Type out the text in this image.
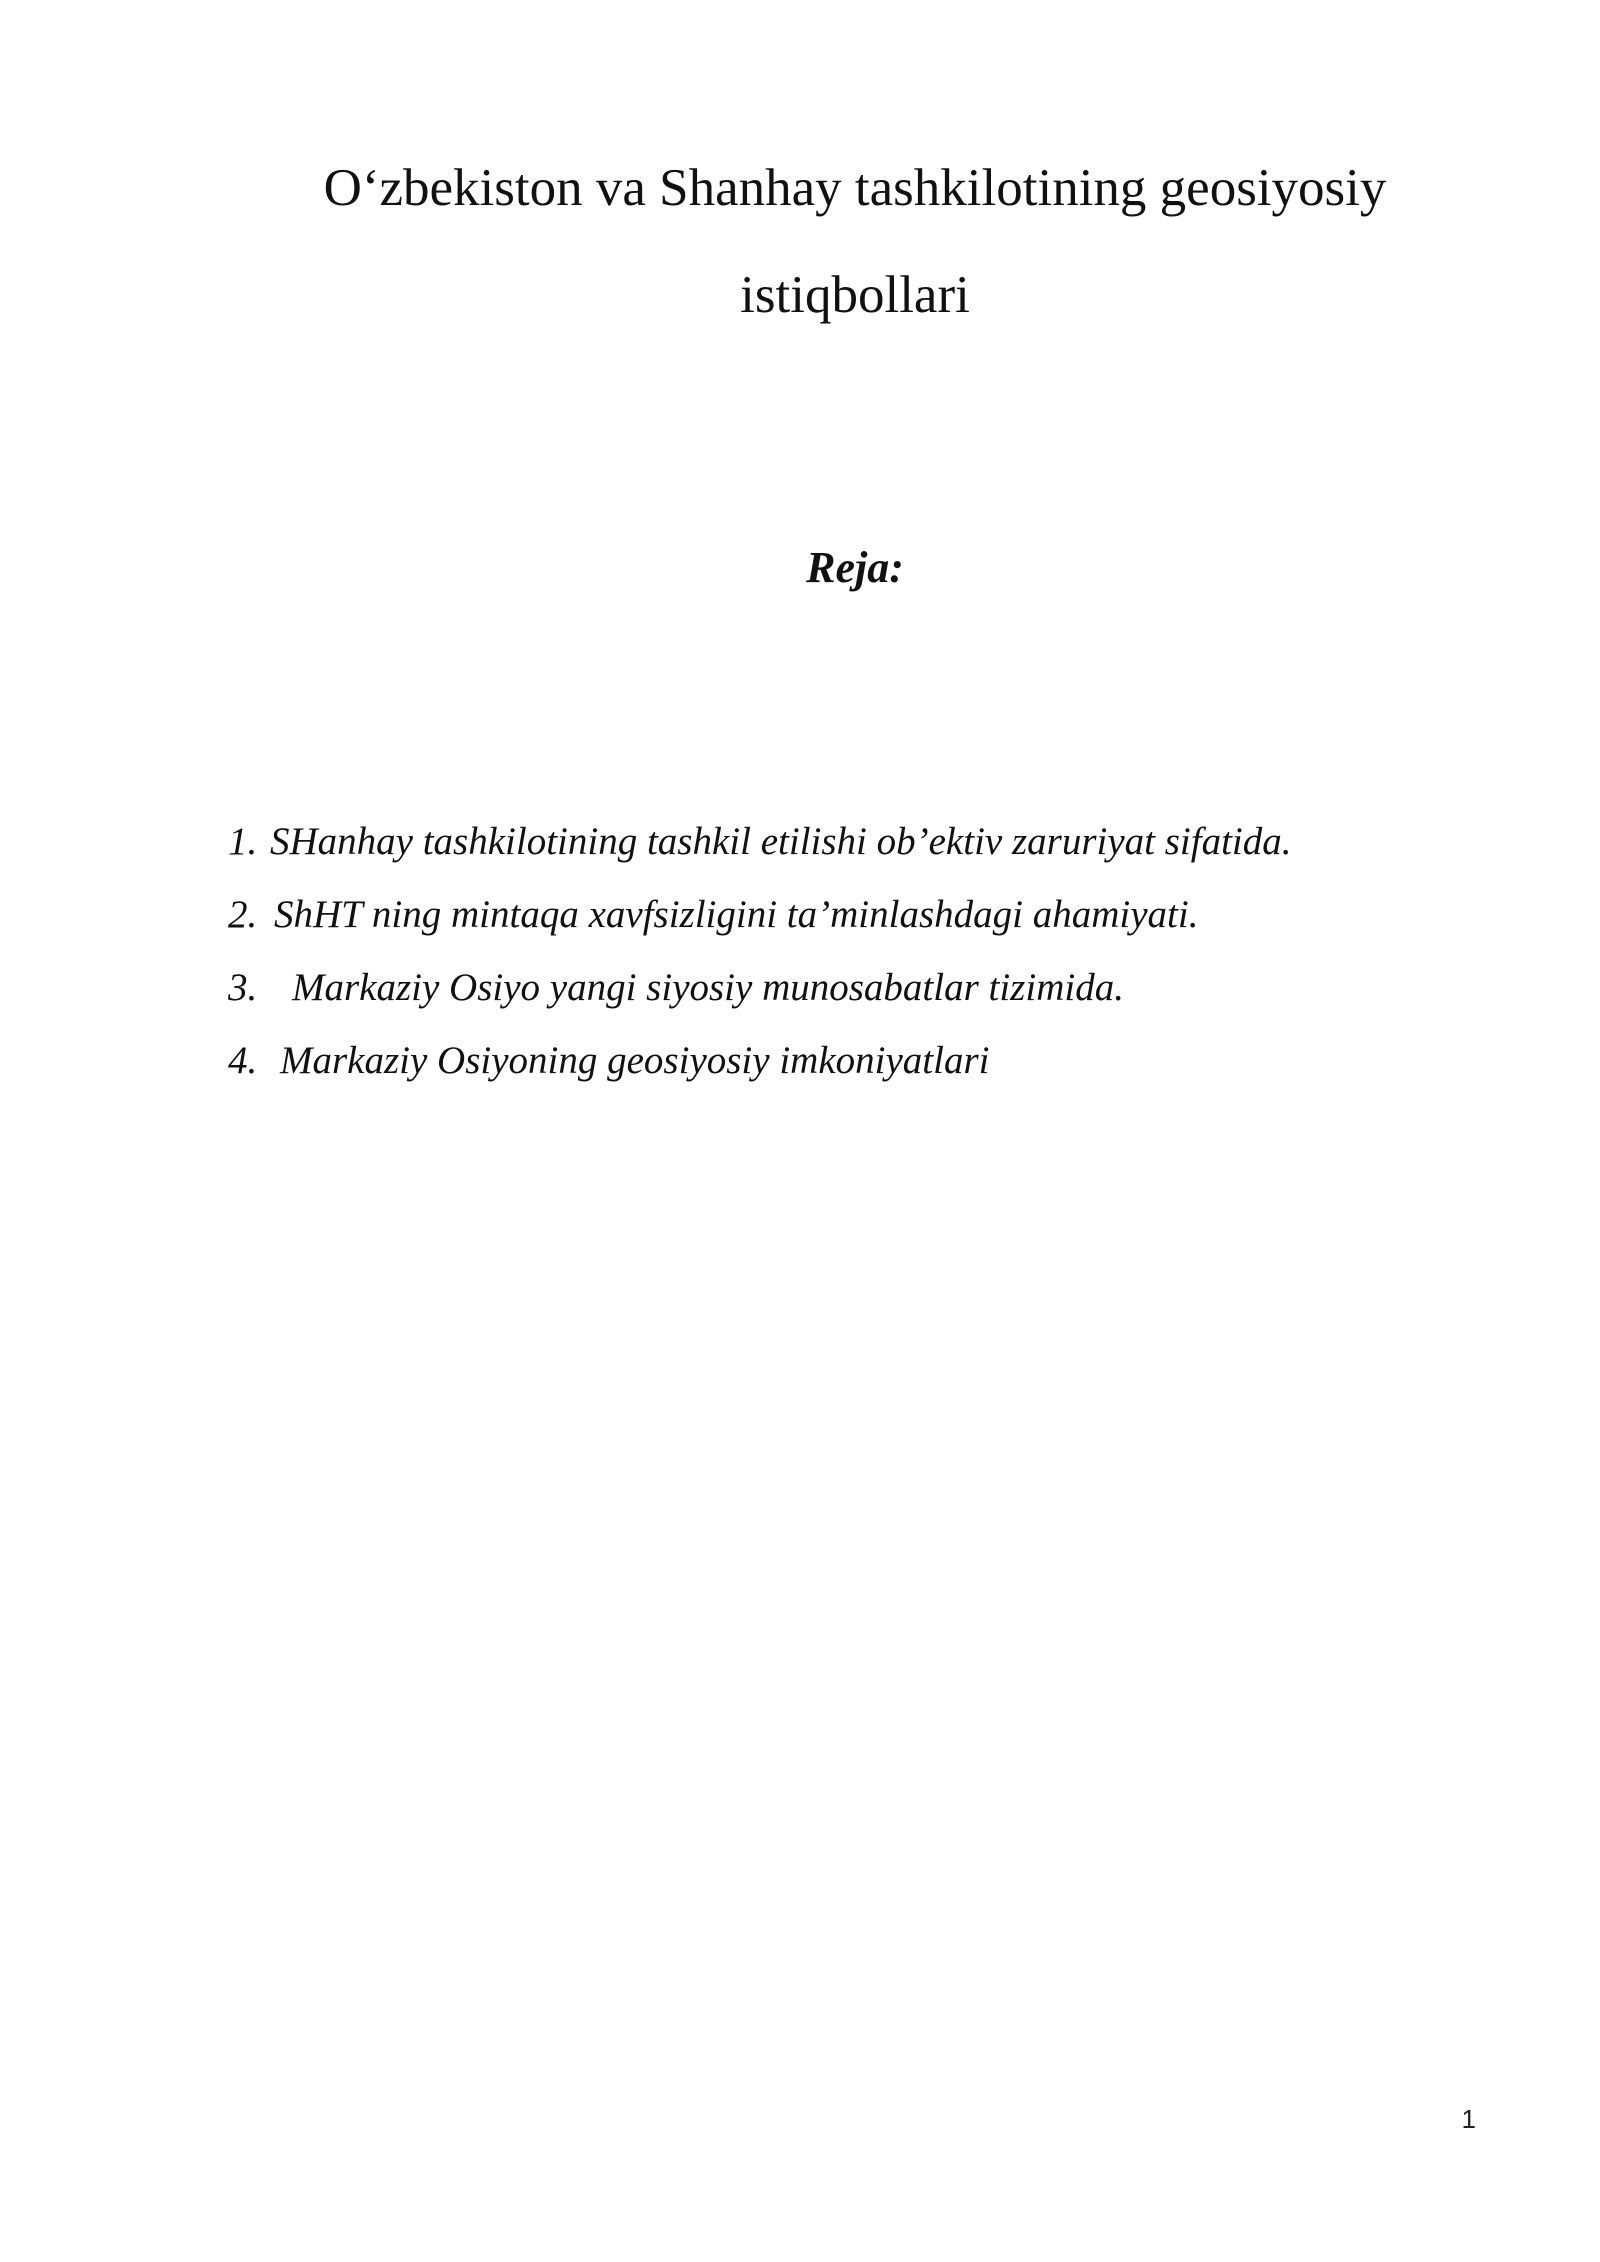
O‘zbekiston va Shanhay tashkilotining geosiyosiy
istiqbollari
Reja:
1. SHanhay tashkilotining tashkil etilishi ob’ektiv zaruriyat sifatida.
2. ShHT ning mintaqa xavfsizligini ta’minlashdagi ahamiyati.
3. Markaziy Osiyo yangi siyosiy munosabatlar tizimida.
4. Markaziy Osiyoning geosiyosiy imkoniyatlari
1
